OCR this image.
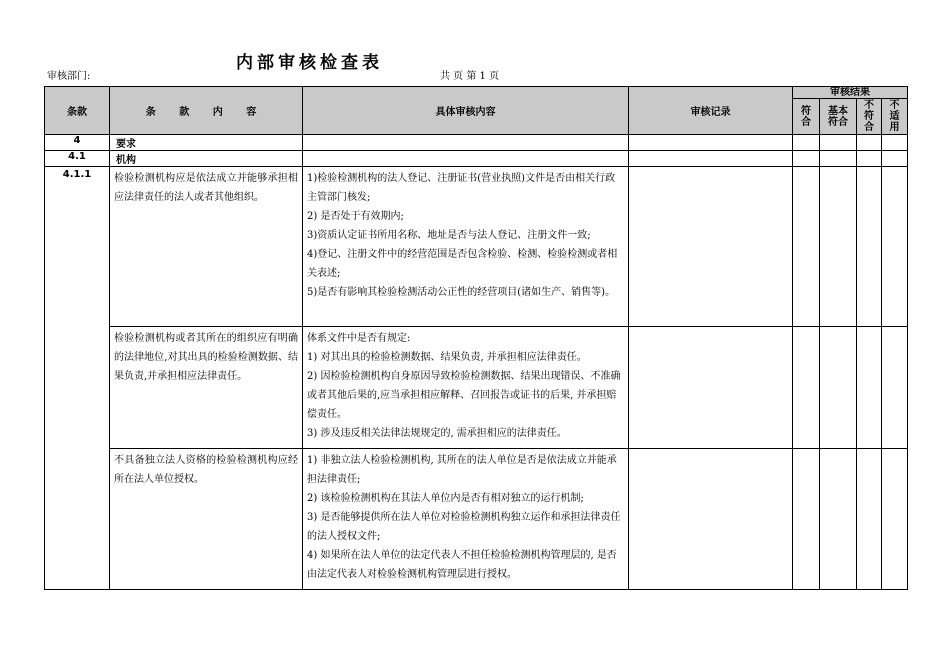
内部审核检查表
审核部门:	共 页 第 1 页
条款	条 款 内 容	具体审核内容	审核记录	审核结果			

				符合	基本符合	不符合	不适用

4	要求						
4.1	机构						
4.1.1	检验检测机构应是依法成立并能够承担相应法律责任的法人或者其他组织。	1)检验检测机构的法人登记、注册证书(营业执照)文件是否由相关行政主管部门核发;
2) 是否处于有效期内;
3)资质认定证书所用名称、地址是否与法人登记、注册文件一致;
4)登记、注册文件中的经营范围是否包含检验、检测、检验检测或者相关表述;
5)是否有影响其检验检测活动公正性的经营项目(诸如生产、销售等)。					

	检验检测机构或者其所在的组织应有明确的法律地位,对其出具的检验检测数据、结果负责,并承担相应法律责任。	体系文件中是否有规定:
1) 对其出具的检验检测数据、结果负责, 并承担相应法律责任。
2) 因检验检测机构自身原因导致检验检测数据、结果出现错误、不准确或者其他后果的,应当承担相应解释、召回报告或证书的后果, 并承担赔偿责任。
3) 涉及违反相关法律法规规定的, 需承担相应的法律责任。					

	不具备独立法人资格的检验检测机构应经所在法人单位授权。	1) 非独立法人检验检测机构, 其所在的法人单位是否是依法成立并能承担法律责任;
2) 该检验检测机构在其法人单位内是否有相对独立的运行机制;
3) 是否能够提供所在法人单位对检验检测机构独立运作和承担法律责任的法人授权文件;
4) 如果所在法人单位的法定代表人不担任检验检测机构管理层的, 是否由法定代表人对检验检测机构管理层进行授权。					
